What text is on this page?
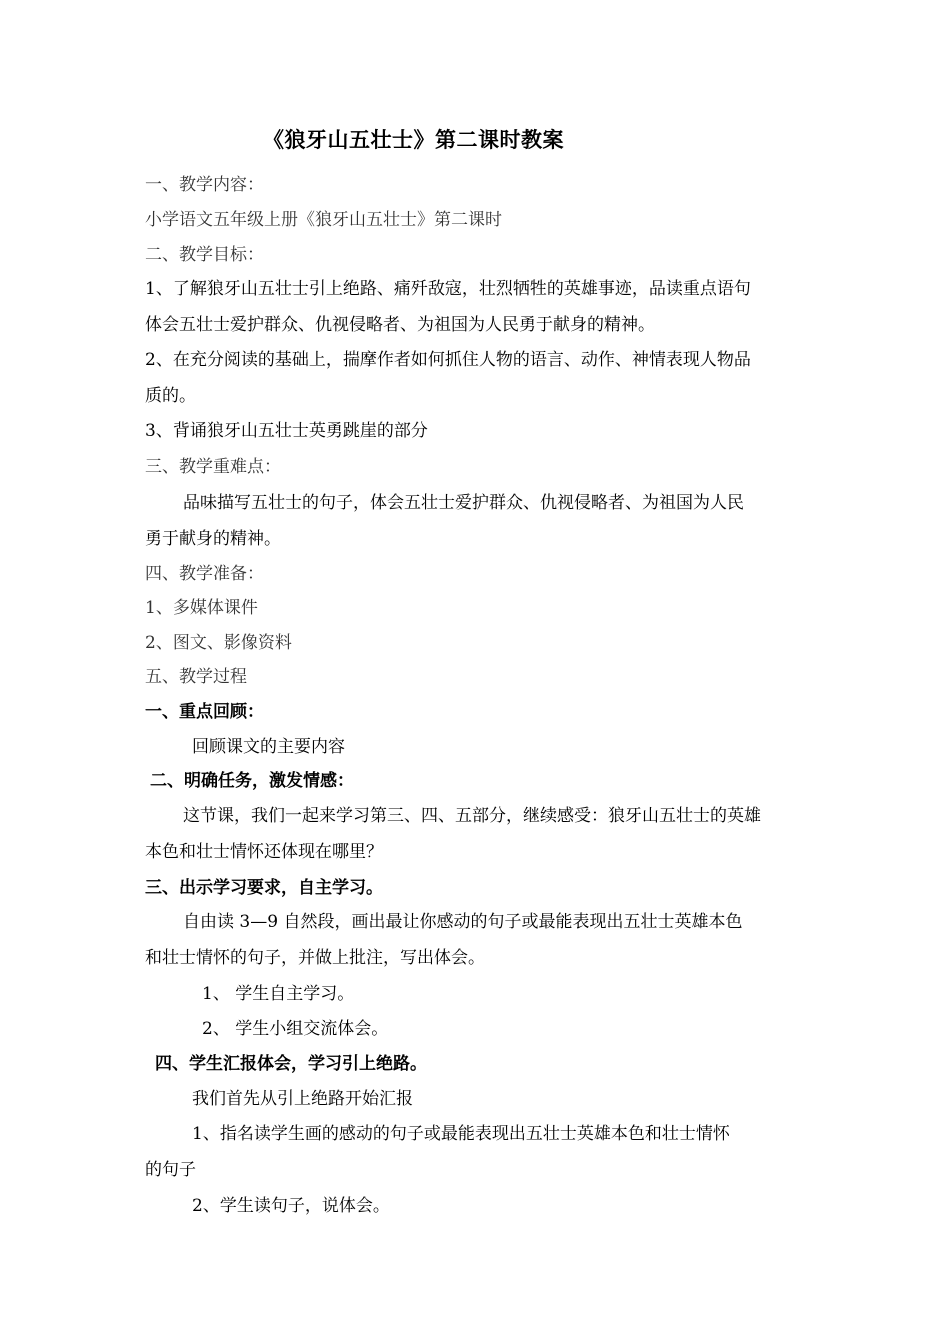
《狼牙山五壮士》第二课时教案
一、教学内容：
小学语文五年级上册《狼牙山五壮士》第二课时
二、教学目标：
1、了解狼牙山五壮士引上绝路、痛歼敌寇，壮烈牺牲的英雄事迹，品读重点语句
体会五壮士爱护群众、仇视侵略者、为祖国为人民勇于献身的精神。
2、在充分阅读的基础上，揣摩作者如何抓住人物的语言、动作、神情表现人物品
质的。
3、背诵狼牙山五壮士英勇跳崖的部分
三、教学重难点：
品味描写五壮士的句子，体会五壮士爱护群众、仇视侵略者、为祖国为人民
勇于献身的精神。
四、教学准备：
1、多媒体课件
2、图文、影像资料
五、教学过程
一、重点回顾：
回顾课文的主要内容
二、明确任务，激发情感：
这节课，我们一起来学习第三、四、五部分，继续感受：狼牙山五壮士的英雄
本色和壮士情怀还体现在哪里？
三、出示学习要求，自主学习。
自由读 3—9 自然段，画出最让你感动的句子或最能表现出五壮士英雄本色
和壮士情怀的句子，并做上批注，写出体会。
1、 学生自主学习。
2、 学生小组交流体会。
四、学生汇报体会，学习引上绝路。
我们首先从引上绝路开始汇报
1、指名读学生画的感动的句子或最能表现出五壮士英雄本色和壮士情怀
的句子
2、学生读句子，说体会。
